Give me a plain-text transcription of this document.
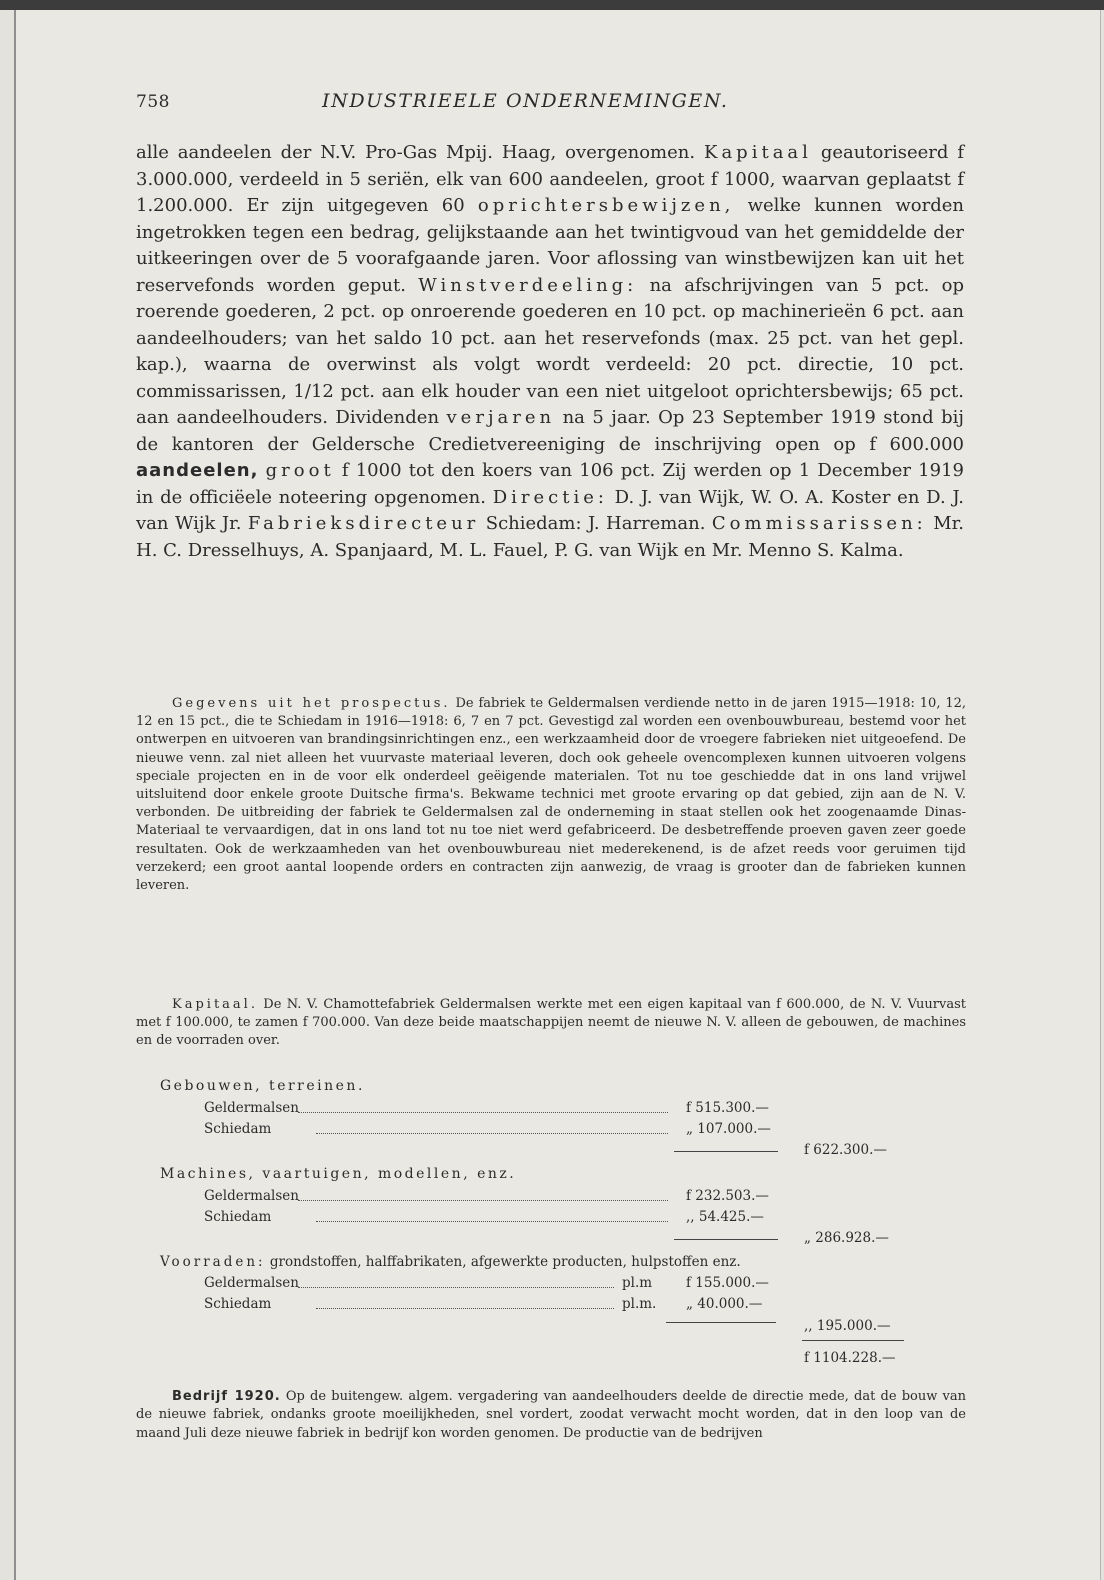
758	INDUSTRIEELE ONDERNEMINGEN.
alle aandeelen der N.V. Pro-Gas Mpij. Haag, overgenomen. Kapitaal geautoriseerd f 3.000.000, verdeeld in 5 seriën, elk van 600 aandeelen, groot f 1000, waarvan geplaatst f 1.200.000. Er zijn uitgegeven 60 oprichtersbewijzen, welke kunnen worden ingetrokken tegen een bedrag, gelijkstaande aan het twintigvoud van het gemiddelde der uitkeeringen over de 5 voorafgaande jaren. Voor aflossing van winstbewijzen kan uit het reservefonds worden geput. Winstverdeeling: na afschrijvingen van 5 pct. op roerende goederen, 2 pct. op onroerende goederen en 10 pct. op machinerieën 6 pct. aan aandeelhouders; van het saldo 10 pct. aan het reservefonds (max. 25 pct. van het gepl. kap.), waarna de overwinst als volgt wordt verdeeld: 20 pct. directie, 10 pct. commissarissen, 1/12 pct. aan elk houder van een niet uitgeloot oprichtersbewijs; 65 pct. aan aandeelhouders. Dividenden verjaren na 5 jaar. Op 23 September 1919 stond bij de kantoren der Geldersche Credietvereeniging de inschrijving open op f 600.000 aandeelen, groot f 1000 tot den koers van 106 pct. Zij werden op 1 December 1919 in de officiëele noteering opgenomen. Directie: D. J. van Wijk, W. O. A. Koster en D. J. van Wijk Jr. Fabrieksdirecteur Schiedam: J. Harreman. Commissarissen: Mr. H. C. Dresselhuys, A. Spanjaard, M. L. Fauel, P. G. van Wijk en Mr. Menno S. Kalma.
Gegevens uit het prospectus. De fabriek te Geldermalsen verdiende netto in de jaren 1915—1918: 10, 12, 12 en 15 pct., die te Schiedam in 1916—1918: 6, 7 en 7 pct. Gevestigd zal worden een ovenbouwbureau, bestemd voor het ontwerpen en uitvoeren van brandingsinrichtingen enz., een werkzaamheid door de vroegere fabrieken niet uitgeoefend. De nieuwe venn. zal niet alleen het vuurvaste materiaal leveren, doch ook geheele ovencomplexen kunnen uitvoeren volgens speciale projecten en in de voor elk onderdeel geëigende materialen. Tot nu toe geschiedde dat in ons land vrijwel uitsluitend door enkele groote Duitsche firma's. Bekwame technici met groote ervaring op dat gebied, zijn aan de N. V. verbonden. De uitbreiding der fabriek te Geldermalsen zal de onderneming in staat stellen ook het zoogenaamde Dinas-Materiaal te vervaardigen, dat in ons land tot nu toe niet werd gefabriceerd. De desbetreffende proeven gaven zeer goede resultaten. Ook de werkzaamheden van het ovenbouwbureau niet mederekenend, is de afzet reeds voor geruimen tijd verzekerd; een groot aantal loopende orders en contracten zijn aanwezig, de vraag is grooter dan de fabrieken kunnen leveren.
Kapitaal. De N. V. Chamottefabriek Geldermalsen werkte met een eigen kapitaal van f 600.000, de N. V. Vuurvast met f 100.000, te zamen f 700.000. Van deze beide maatschappijen neemt de nieuwe N. V. alleen de gebouwen, de machines en de voorraden over.
Gebouwen, terreinen.
Geldermalsen	f 515.300.—
Schiedam	„ 107.000.—
f 622.300.—
Machines, vaartuigen, modellen, enz.
Geldermalsen	f 232.503.—
Schiedam	,, 54.425.—
„ 286.928.—
Voorraden: grondstoffen, halffabrikaten, afgewerkte producten, hulpstoffen enz.
Geldermalsen	pl.m	f 155.000.—
Schiedam	pl.m. „ 40.000.—
,, 195.000.—
f 1104.228.—
Bedrijf 1920. Op de buitengew. algem. vergadering van aandeelhouders deelde de directie mede, dat de bouw van de nieuwe fabriek, ondanks groote moeilijkheden, snel vordert, zoodat verwacht mocht worden, dat in den loop van de maand Juli deze nieuwe fabriek in bedrijf kon worden genomen. De productie van de bedrijven
